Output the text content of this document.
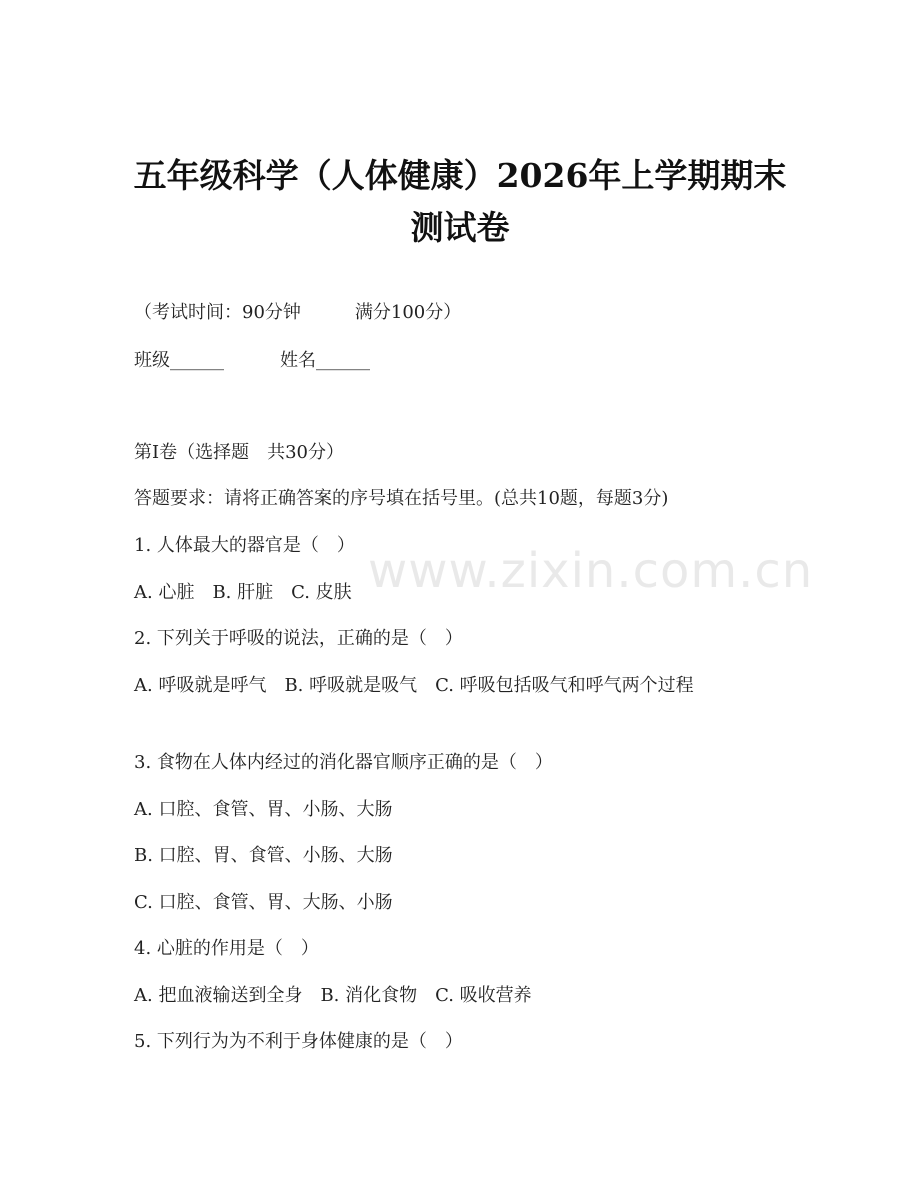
五年级科学（人体健康）2026年上学期期末
测试卷
（考试时间：90分钟　　　满分100分）
班级______	姓名______
第I卷（选择题　共30分）
答题要求：请将正确答案的序号填在括号里。(总共10题，每题3分)
1. 人体最大的器官是（　）
A. 心脏　B. 肝脏　C. 皮肤
2. 下列关于呼吸的说法，正确的是（　）
A. 呼吸就是呼气　B. 呼吸就是吸气　C. 呼吸包括吸气和呼气两个过程
3. 食物在人体内经过的消化器官顺序正确的是（　）
A. 口腔、食管、胃、小肠、大肠
B. 口腔、胃、食管、小肠、大肠
C. 口腔、食管、胃、大肠、小肠
4. 心脏的作用是（　）
A. 把血液输送到全身　B. 消化食物　C. 吸收营养
5. 下列行为为不利于身体健康的是（　）
www.zixin.com.cn
